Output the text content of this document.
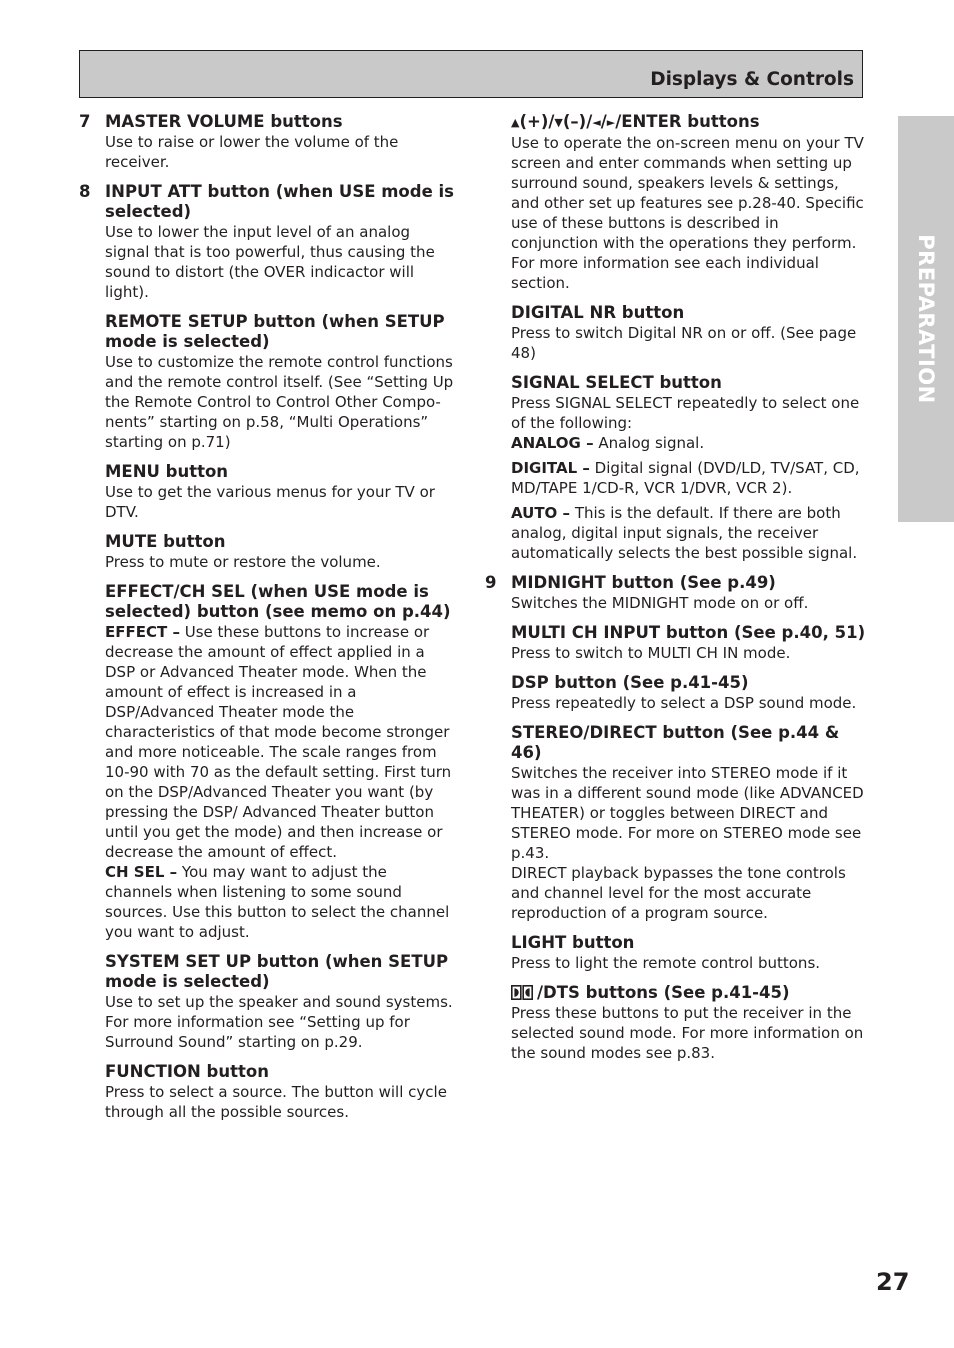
Displays & Controls
PREPARATION
7 MASTER VOLUME buttons

Use to raise or lower the volume of the receiver.

8 INPUT ATT button (when USE mode is selected)

Use to lower the input level of an analog signal that is too powerful, thus causing the sound to distort (the OVER indicactor will light).

REMOTE SETUP button (when SETUP mode is selected)

Use to customize the remote control functions and the remote control itself. (See “Setting Up the Remote Control to Control Other Compo-nents” starting on p.58, “Multi Operations” starting on p.71)

MENU button

Use to get the various menus for your TV or DTV.

MUTE button

Press to mute or restore the volume.

EFFECT/CH SEL (when USE mode is selected) button (see memo on p.44)

EFFECT – Use these buttons to increase or decrease the amount of effect applied in a DSP or Advanced Theater mode. When the amount of effect is increased in a DSP/Advanced Theater mode the characteristics of that mode become stronger and more noticeable. The scale ranges from 10-90 with 70 as the default setting. First turn on the DSP/Advanced Theater you want (by pressing the DSP/ Advanced Theater button until you get the mode) and then increase or decrease the amount of effect.

CH SEL – You may want to adjust the channels when listening to some sound sources. Use this button to select the channel you want to adjust.

SYSTEM SET UP button (when SETUP mode is selected)

Use to set up the speaker and sound systems. For more information see “Setting up for Surround Sound” starting on p.29.

FUNCTION button

Press to select a source. The button will cycle through all the possible sources.

▲(+)/▼(–)/◄/►/ENTER buttons

Use to operate the on-screen menu on your TV screen and enter commands when setting up surround sound, speakers levels & settings, and other set up features see p.28-40. Specific use of these buttons is described in conjunction with the operations they perform. For more information see each individual section.

DIGITAL NR button

Press to switch Digital NR on or off. (See page 48)

SIGNAL SELECT button

Press SIGNAL SELECT repeatedly to select one of the following:

ANALOG – Analog signal.

DIGITAL – Digital signal (DVD/LD, TV/SAT, CD, MD/TAPE 1/CD-R, VCR 1/DVR, VCR 2).

AUTO – This is the default. If there are both analog, digital input signals, the receiver automatically selects the best possible signal.

9 MIDNIGHT button (See p.49)

Switches the MIDNIGHT mode on or off.

MULTI CH INPUT button (See p.40, 51)

Press to switch to MULTI CH IN mode.

DSP button (See p.41-45)

Press repeatedly to select a DSP sound mode.

STEREO/DIRECT button (See p.44 & 46)

Switches the receiver into STEREO mode if it was in a different sound mode (like ADVANCED THEATER) or toggles between DIRECT and STEREO mode. For more on STEREO mode see p.43.

DIRECT playback bypasses the tone controls and channel level for the most accurate reproduction of a program source.

LIGHT button

Press to light the remote control buttons.

/DTS buttons (See p.41-45)

Press these buttons to put the receiver in the selected sound mode. For more information on the sound modes see p.83.

27
